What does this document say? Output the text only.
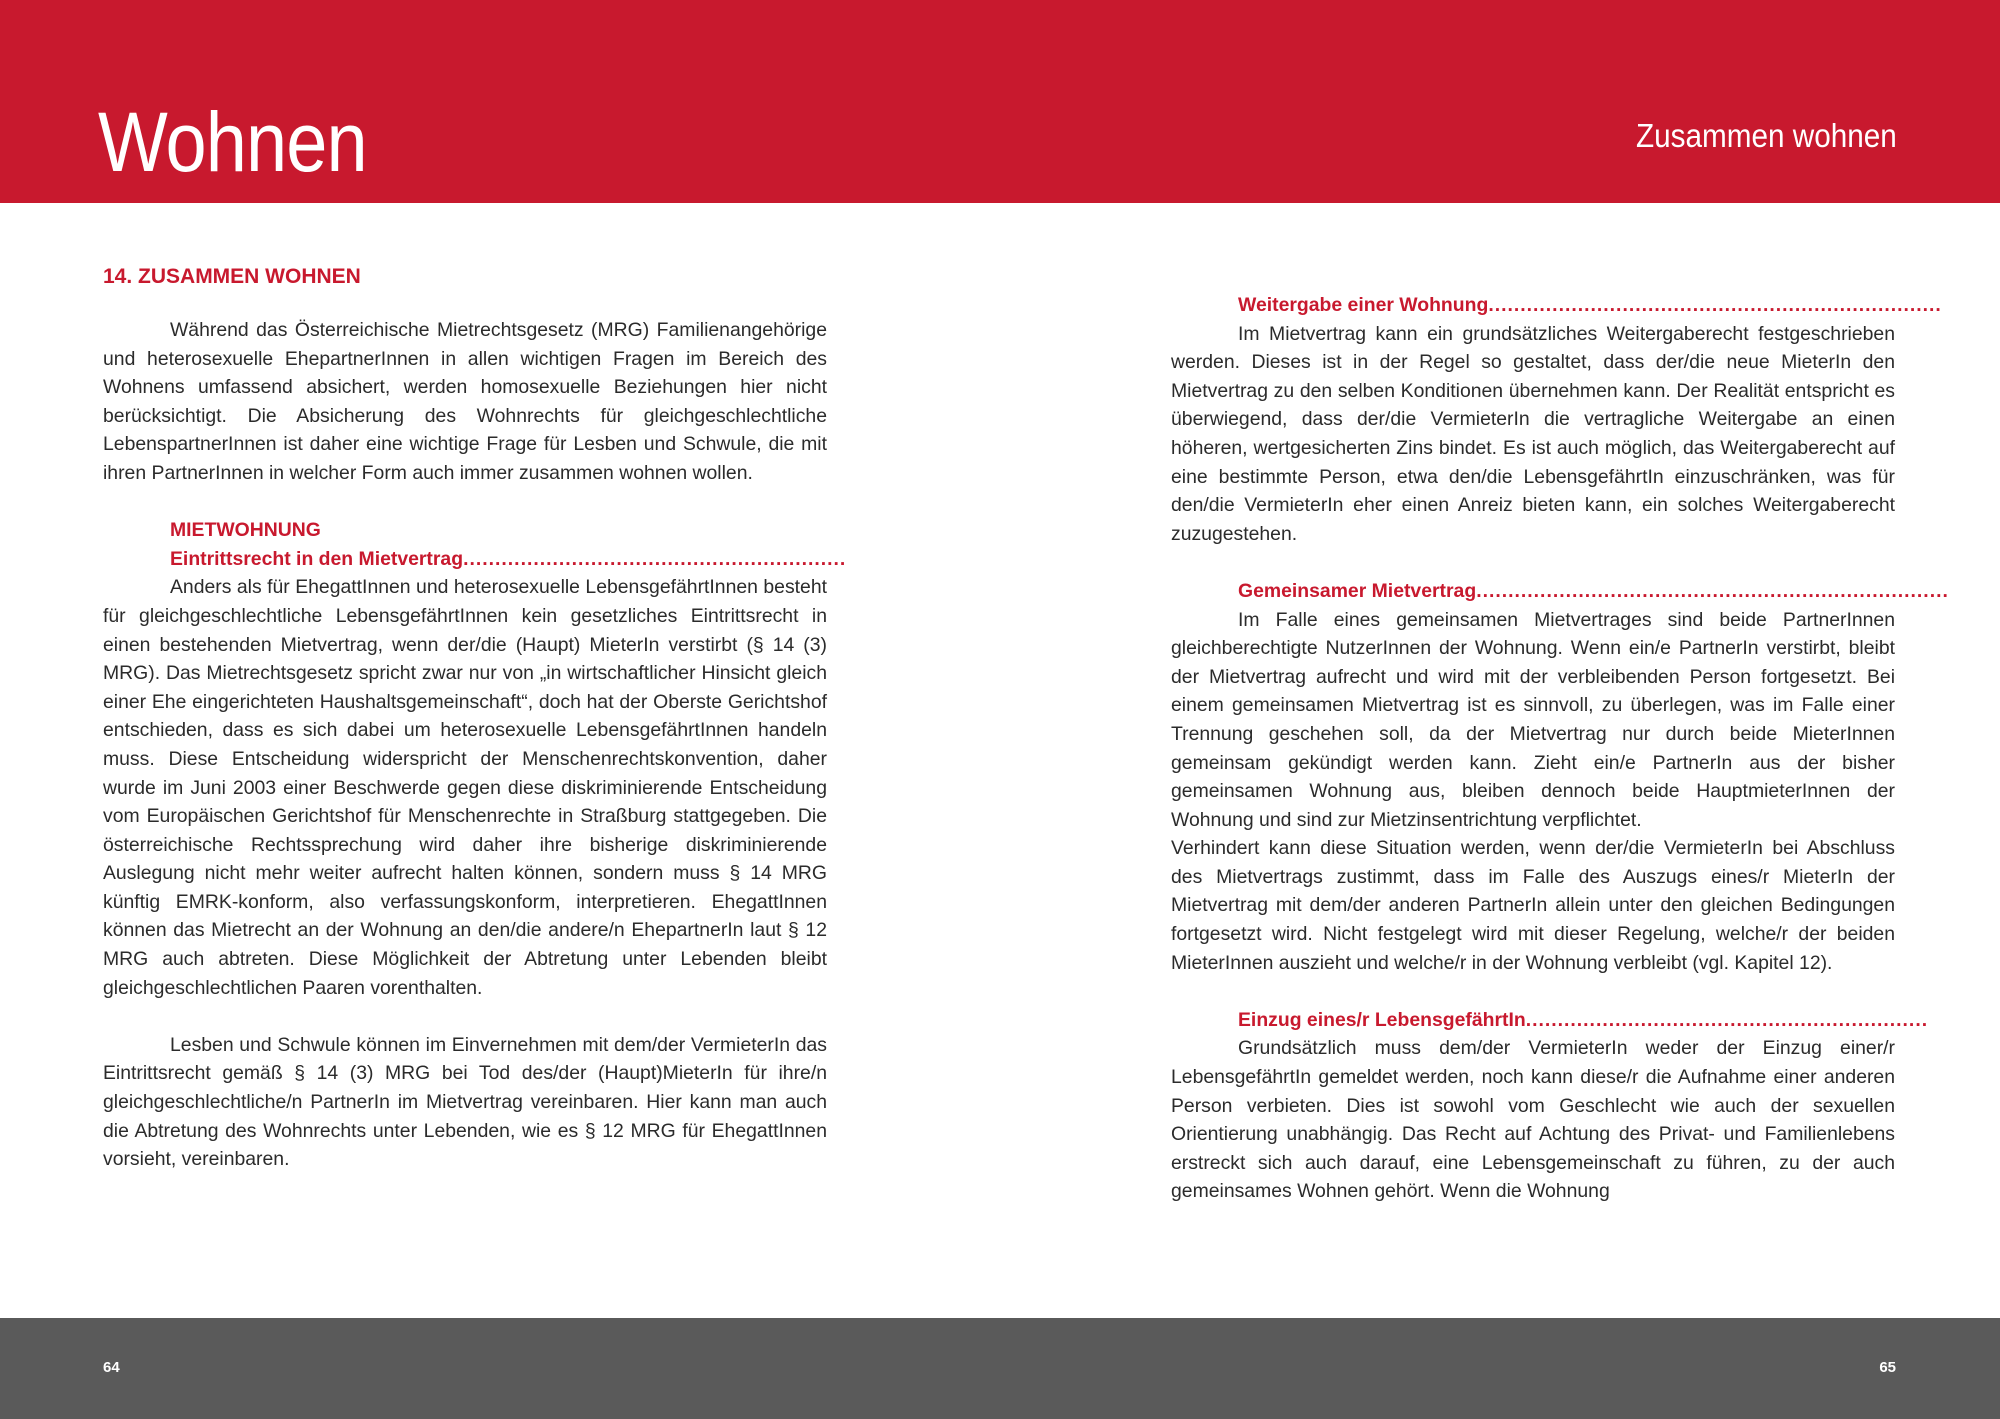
Wohnen	Zusammen wohnen
14. ZUSAMMEN WOHNEN

Während das Österreichische Mietrechtsgesetz (MRG) Familienangehörige und heterosexuelle EhepartnerInnen in allen wichtigen Fragen im Bereich des Wohnens umfassend absichert, werden homosexuelle Beziehungen hier nicht berücksichtigt. Die Absicherung des Wohnrechts für gleichgeschlechtliche LebenspartnerInnen ist daher eine wichtige Frage für Lesben und Schwule, die mit ihren PartnerInnen in welcher Form auch immer zusammen wohnen wollen.

MIETWOHNUNG
Eintrittsrecht in den Mietvertrag............................................................

Anders als für EhegattInnen und heterosexuelle LebensgefährtInnen besteht für gleichgeschlechtliche LebensgefährtInnen kein gesetzliches Eintrittsrecht in einen bestehenden Mietvertrag, wenn der/die (Haupt) MieterIn verstirbt (§ 14 (3) MRG). Das Mietrechtsgesetz spricht zwar nur von „in wirtschaftlicher Hinsicht gleich einer Ehe eingerichteten Haushaltsgemeinschaft“, doch hat der Oberste Gerichtshof entschieden, dass es sich dabei um heterosexuelle LebensgefährtInnen handeln muss. Diese Entscheidung widerspricht der Menschenrechtskonvention, daher wurde im Juni 2003 einer Beschwerde gegen diese diskriminierende Entscheidung vom Europäischen Gerichtshof für Menschenrechte in Straßburg stattgegeben. Die österreichische Rechtssprechung wird daher ihre bisherige diskriminierende Auslegung nicht mehr weiter aufrecht halten können, sondern muss § 14 MRG künftig EMRK-konform, also verfassungskonform, interpretieren. EhegattInnen können das Mietrecht an der Wohnung an den/die andere/n EhepartnerIn laut § 12 MRG auch abtreten. Diese Möglichkeit der Abtretung unter Lebenden bleibt gleichgeschlechtlichen Paaren vorenthalten.

Lesben und Schwule können im Einvernehmen mit dem/der VermieterIn das Eintrittsrecht gemäß § 14 (3) MRG bei Tod des/der (Haupt)MieterIn für ihre/n gleichgeschlechtliche/n PartnerIn im Mietvertrag vereinbaren. Hier kann man auch die Abtretung des Wohnrechts unter Lebenden, wie es § 12 MRG für EhegattInnen vorsieht, vereinbaren.

Weitergabe einer Wohnung.......................................................................

Im Mietvertrag kann ein grundsätzliches Weitergaberecht festgeschrieben werden. Dieses ist in der Regel so gestaltet, dass der/die neue MieterIn den Mietvertrag zu den selben Konditionen übernehmen kann. Der Realität entspricht es überwiegend, dass der/die VermieterIn die vertragliche Weitergabe an einen höheren, wertgesicherten Zins bindet. Es ist auch möglich, das Weitergaberecht auf eine bestimmte Person, etwa den/die LebensgefährtIn einzuschränken, was für den/die VermieterIn eher einen Anreiz bieten kann, ein solches Weitergaberecht zuzugestehen.

Gemeinsamer Mietvertrag..........................................................................

Im Falle eines gemeinsamen Mietvertrages sind beide PartnerInnen gleichberechtigte NutzerInnen der Wohnung. Wenn ein/e PartnerIn verstirbt, bleibt der Mietvertrag aufrecht und wird mit der verbleibenden Person fortgesetzt. Bei einem gemeinsamen Mietvertrag ist es sinnvoll, zu überlegen, was im Falle einer Trennung geschehen soll, da der Mietvertrag nur durch beide MieterInnen gemeinsam gekündigt werden kann. Zieht ein/e PartnerIn aus der bisher gemeinsamen Wohnung aus, bleiben dennoch beide HauptmieterInnen der Wohnung und sind zur Mietzinsentrichtung verpflichtet.

Verhindert kann diese Situation werden, wenn der/die VermieterIn bei Abschluss des Mietvertrags zustimmt, dass im Falle des Auszugs eines/r MieterIn der Mietvertrag mit dem/der anderen PartnerIn allein unter den gleichen Bedingungen fortgesetzt wird. Nicht festgelegt wird mit dieser Regelung, welche/r der beiden MieterInnen auszieht und welche/r in der Wohnung verbleibt (vgl. Kapitel 12).

Einzug eines/r LebensgefährtIn...............................................................

Grundsätzlich muss dem/der VermieterIn weder der Einzug einer/r LebensgefährtIn gemeldet werden, noch kann diese/r die Aufnahme einer anderen Person verbieten. Dies ist sowohl vom Geschlecht wie auch der sexuellen Orientierung unabhängig. Das Recht auf Achtung des Privat- und Familienlebens erstreckt sich auch darauf, eine Lebensgemeinschaft zu führen, zu der auch gemeinsames Wohnen gehört. Wenn die Wohnung

64	65
